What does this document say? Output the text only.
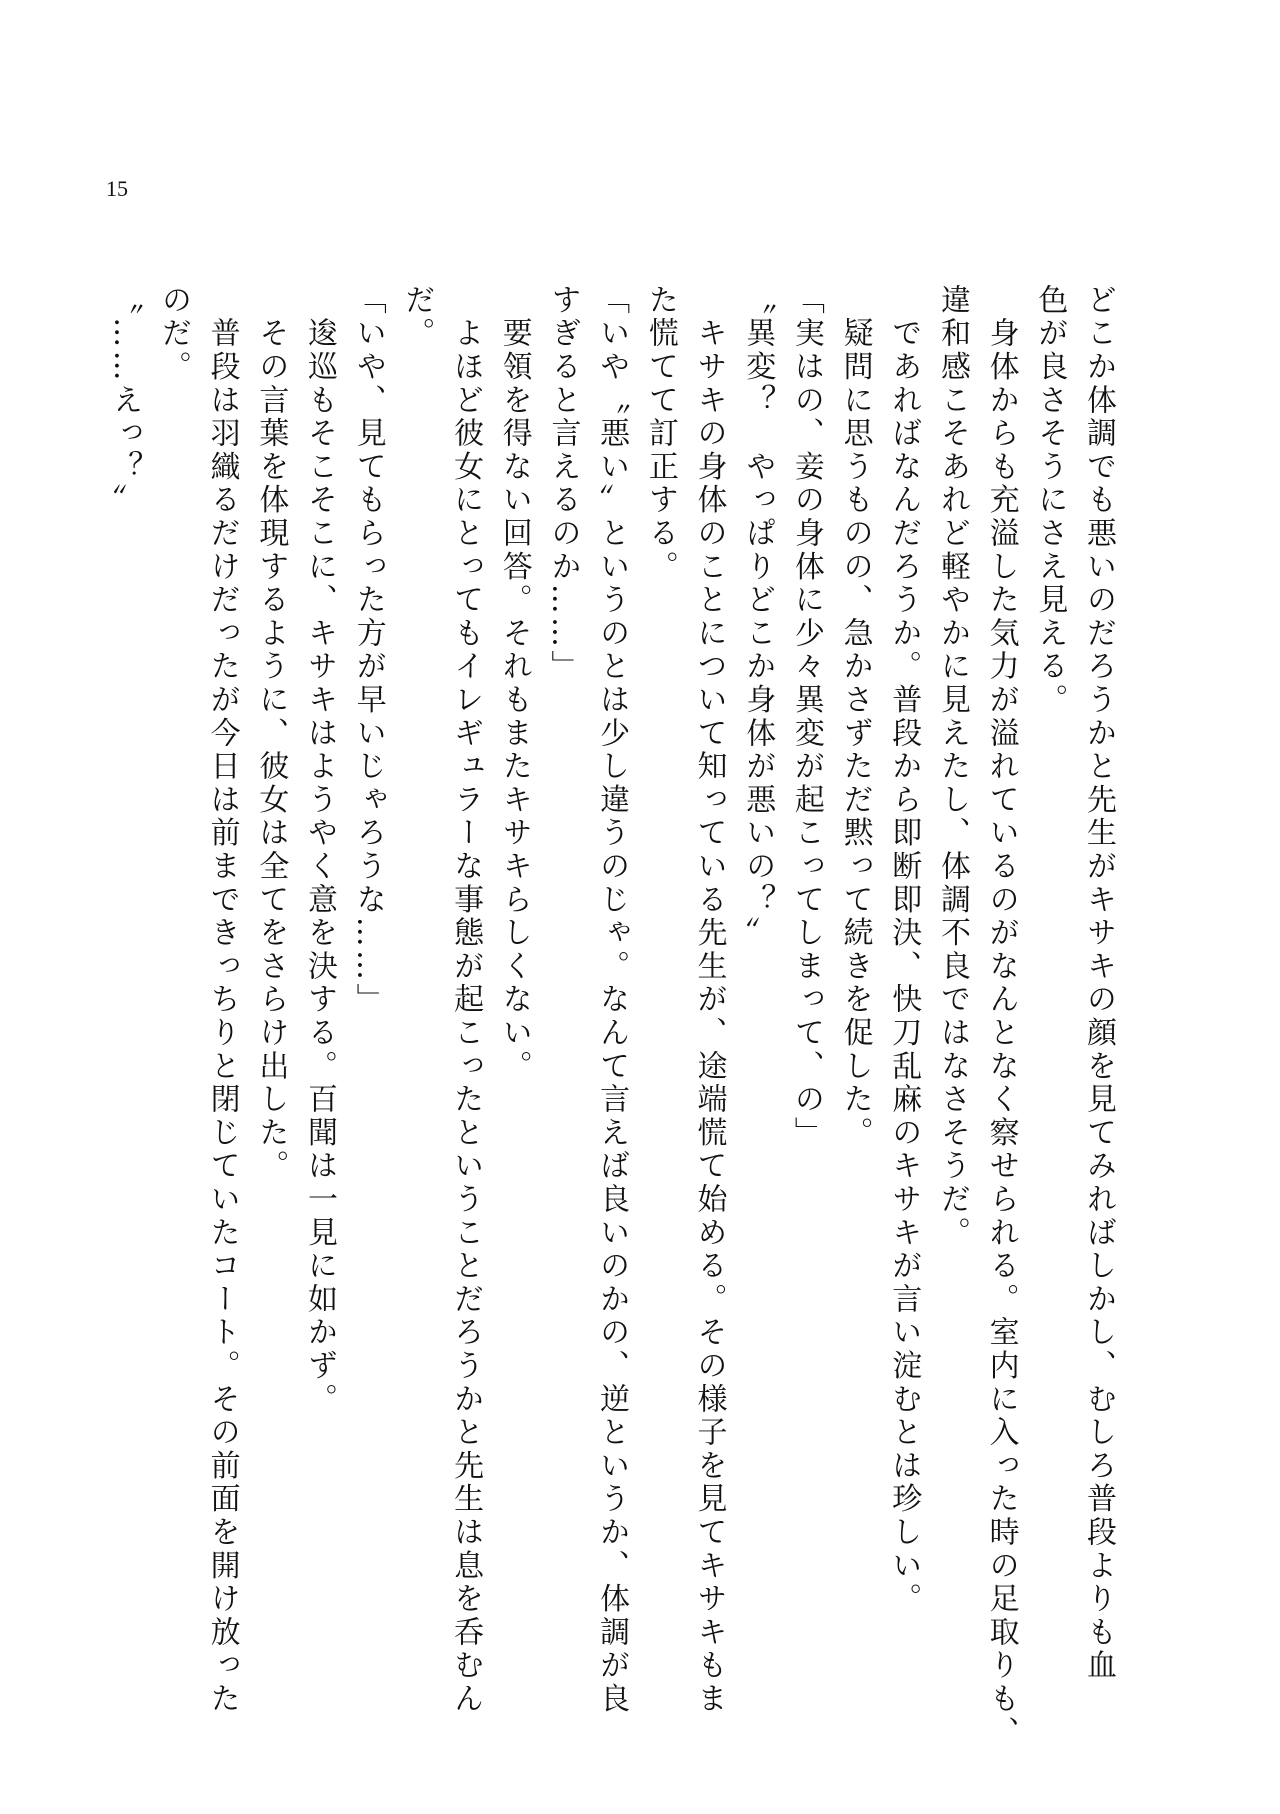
15
どこか体調でも悪いのだろうかと先生がキサキの顔を見てみればしかし、むしろ普段よりも血
色が良さそうにさえ見える。
　身体からも充溢した気力が溢れているのがなんとなく察せられる。室内に入った時の足取りも、
違和感こそあれど軽やかに見えたし、体調不良ではなさそうだ。
　であればなんだろうか。普段から即断即決、快刀乱麻のキサキが言い淀むとは珍しい。
　疑問に思うものの、急かさずただ黙って続きを促した。
「実はの、妾の身体に少々異変が起こってしまって、の」
〝異変？　やっぱりどこか身体が悪いの？〟
　キサキの身体のことについて知っている先生が、途端慌て始める。その様子を見てキサキもま
た慌てて訂正する。
「いや〝悪い〟というのとは少し違うのじゃ。なんて言えば良いのかの、逆というか、体調が良
すぎると言えるのか……」
　要領を得ない回答。それもまたキサキらしくない。
　よほど彼女にとってもイレギュラーな事態が起こったということだろうかと先生は息を呑むん
だ。
「いや、見てもらった方が早いじゃろうな……」
　逡巡もそこそこに、キサキはようやく意を決する。百聞は一見に如かず。
　その言葉を体現するように、彼女は全てをさらけ出した。
　普段は羽織るだけだったが今日は前まできっちりと閉じていたコート。その前面を開け放った
のだ。
〝……えっ？〟
